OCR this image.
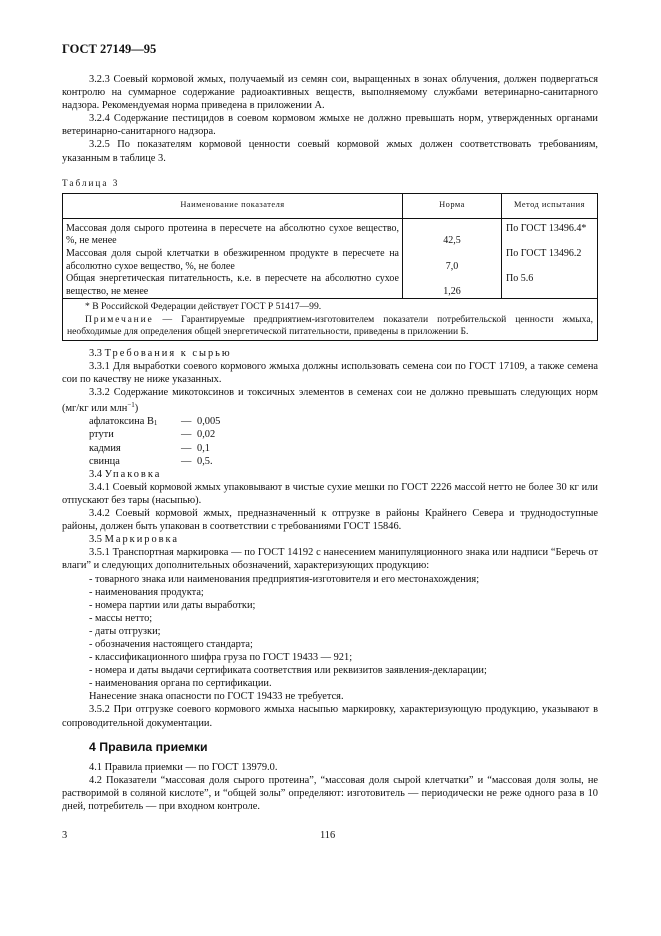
ГОСТ 27149—95

3.2.3 Соевый кормовой жмых, получаемый из семян сои, выращенных в зонах облучения, должен подвергаться контролю на суммарное содержание радиоактивных веществ, выполняемому службами ветеринарно-санитарного надзора. Рекомендуемая норма приведена в приложении А.

3.2.4 Содержание пестицидов в соевом кормовом жмыхе не должно превышать норм, утвержденных органами ветеринарно-санитарного надзора.

3.2.5 По показателям кормовой ценности соевый кормовой жмых должен соответствовать требованиям, указанным в таблице 3.

Таблица 3

Наименование показателя	Норма	Метод испытания
Массовая доля сырого протеина в пересчете на абсолютно сухое вещество, %, не менее	42,5	По ГОСТ 13496.4*
Массовая доля сырой клетчатки в обезжиренном продукте в пересчете на абсолютно сухое вещество, %, не более	7,0	По ГОСТ 13496.2
Общая энергетическая питательность, к.е. в пересчете на абсолютно сухое вещество, не менее	1,26	По 5.6

* В Российской Федерации действует ГОСТ Р 51417—99.

Примечание — Гарантируемые предприятием-изготовителем показатели потребительской ценности жмыха, необходимые для определения общей энергетической питательности, приведены в приложении Б.

3.3 Требования к сырью

3.3.1 Для выработки соевого кормового жмыха должны использовать семена сои по ГОСТ 17109, а также семена сои по качеству не ниже указанных.

3.3.2 Содержание микотоксинов и токсичных элементов в семенах сои не должно превышать следующих норм (мг/кг или млн$^{-1}$)

афлатоксина B1	— 0,005
ртути	— 0,02
кадмия	— 0,1
свинца	— 0,5.

3.4 Упаковка

3.4.1 Соевый кормовой жмых упаковывают в чистые сухие мешки по ГОСТ 2226 массой нетто не более 30 кг или отпускают без тары (насыпью).

3.4.2 Соевый кормовой жмых, предназначенный к отгрузке в районы Крайнего Севера и труднодоступные районы, должен быть упакован в соответствии с требованиями ГОСТ 15846.

3.5 Маркировка

3.5.1 Транспортная маркировка — по ГОСТ 14192 с нанесением манипуляционного знака или надписи “Беречь от влаги” и следующих дополнительных обозначений, характеризующих продукцию:

- товарного знака или наименования предприятия-изготовителя и его местонахождения;

- наименования продукта;

- номера партии или даты выработки;

- массы нетто;

- даты отгрузки;

- обозначения настоящего стандарта;

- классификационного шифра груза по ГОСТ 19433 — 921;

- номера и даты выдачи сертификата соответствия или реквизитов заявления-декларации;

- наименования органа по сертификации.

Нанесение знака опасности по ГОСТ 19433 не требуется.

3.5.2 При отгрузке соевого кормового жмыха насыпью маркировку, характеризующую продукцию, указывают в сопроводительной документации.

4 Правила приемки

4.1 Правила приемки — по ГОСТ 13979.0.

4.2 Показатели “массовая доля сырого протеина”, “массовая доля сырой клетчатки” и “массовая доля золы, не растворимой в соляной кислоте”, и “общей золы” определяют: изготовитель — периодически не реже одного раза в 10 дней, потребитель — при входном контроле.

3	116
